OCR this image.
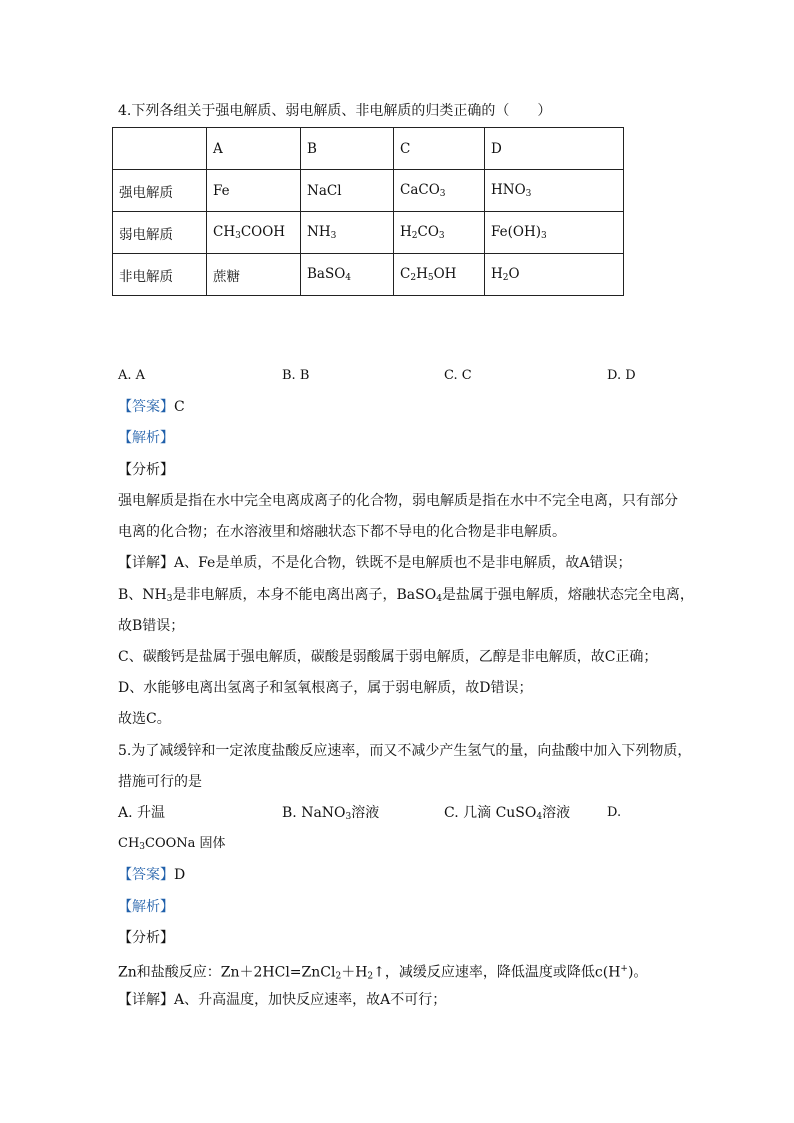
4.下列各组关于强电解质、弱电解质、非电解质的归类正确的（　　）
	A	B	C	D
强电解质	Fe	NaCl	CaCO$_3$	$HNO_3$
弱电解质	$CH_3COOH$	$NH_3$	$H_2CO_3$	$Fe(OH)_3$
非电解质	蔗糖	BaSO$_4$	$C_2H_5OH$	$H_2O$
A. A	B. B	C. C	D. D
【答案】C
【解析】
【分析】
强电解质是指在水中完全电离成离子的化合物，弱电解质是指在水中不完全电离，只有部分
电离的化合物；在水溶液里和熔融状态下都不导电的化合物是非电解质。
【详解】A、Fe是单质，不是化合物，铁既不是电解质也不是非电解质，故A错误；
B、$NH_3$是非电解质，本身不能电离出离子，BaSO$_4$是盐属于强电解质，熔融状态完全电离，
故B错误；
C、碳酸钙是盐属于强电解质，碳酸是弱酸属于弱电解质，乙醇是非电解质，故C正确；
D、水能够电离出氢离子和氢氧根离子，属于弱电解质，故D错误；
故选C。
5.为了减缓锌和一定浓度盐酸反应速率，而又不减少产生氢气的量，向盐酸中加入下列物质，
措施可行的是
A. 升温	B. NaNO$_3$溶液	C. 几滴 CuSO$_4$溶液	D.
$CH_3COONa$ 固体
【答案】D
【解析】
【分析】
Zn和盐酸反应：$Zn+2HCl=ZnCl_2+H_2↑$，减缓反应速率，降低温度或降低c(H+)。
【详解】A、升高温度，加快反应速率，故A不可行；
